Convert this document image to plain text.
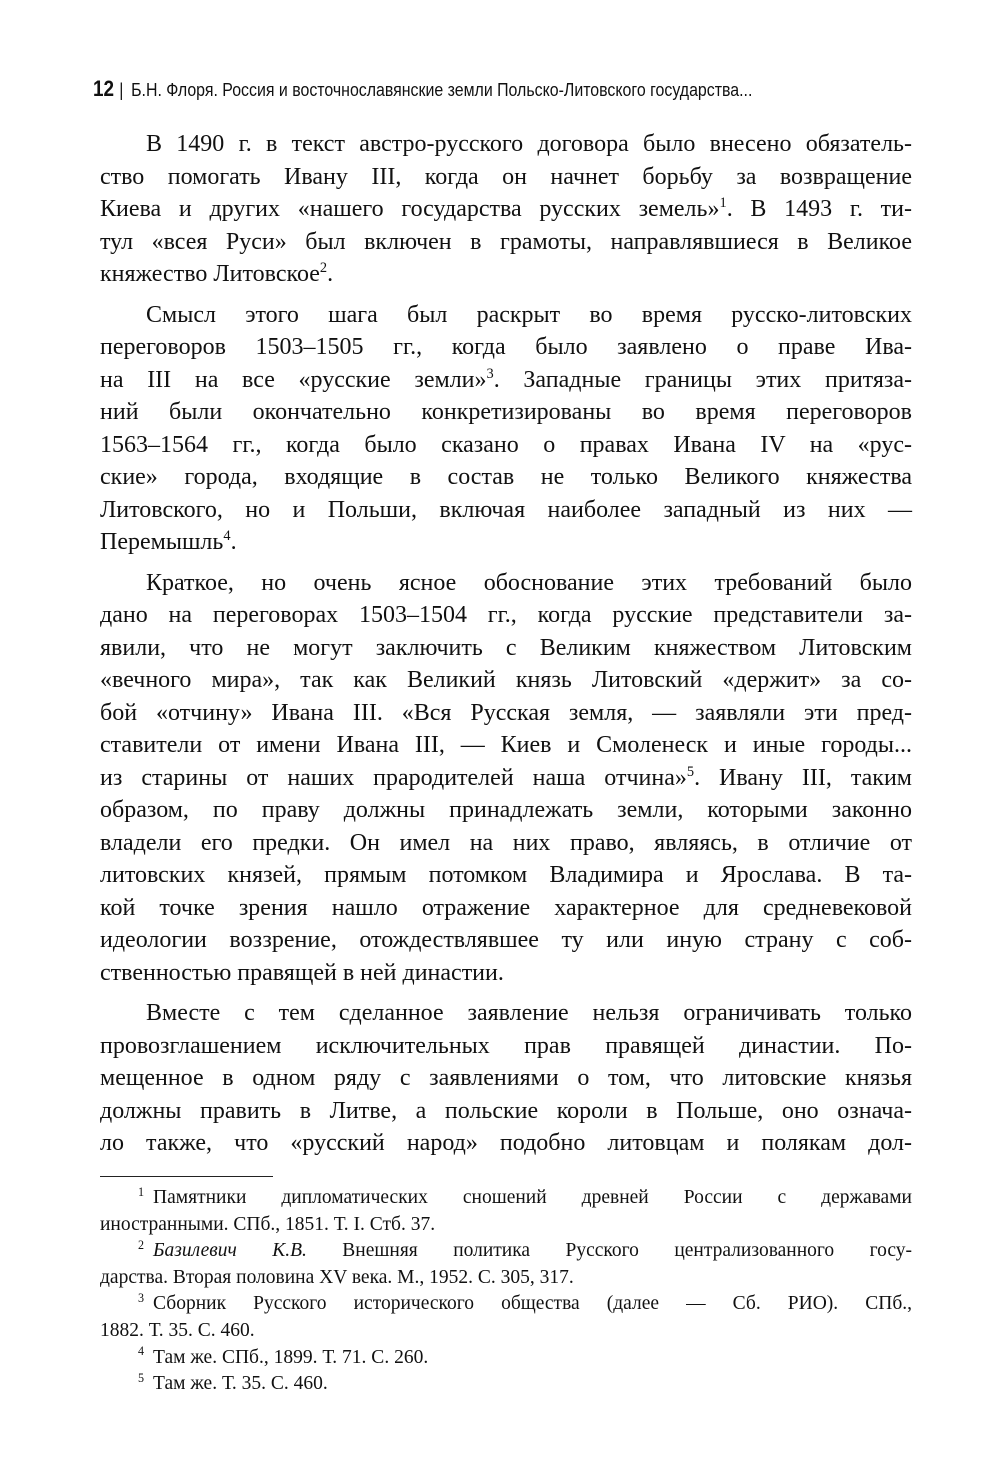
12 | Б.Н. Флоря. Россия и восточнославянские земли Польско-Литовского государства...
В 1490 г. в текст австро-русского договора было внесено обязатель-
ство помогать Ивану III, когда он начнет борьбу за возвращение
Киева и других «нашего государства русских земель»$^1$. В 1493 г. ти-
тул «всея Руси» был включен в грамоты, направлявшиеся в Великое
княжество Литовское$^2$.
Смысл этого шага был раскрыт во время русско-литовских
переговоров 1503–1505 гг., когда было заявлено о праве Ива-
на III на все «русские земли»$^3$. Западные границы этих притяза-
ний были окончательно конкретизированы во время переговоров
1563–1564 гг., когда было сказано о правах Ивана IV на «рус-
ские» города, входящие в состав не только Великого княжества
Литовского, но и Польши, включая наиболее западный из них —
Перемышль$^4$.
Краткое, но очень ясное обоснование этих требований было
дано на переговорах 1503–1504 гг., когда русские представители за-
явили, что не могут заключить с Великим княжеством Литовским
«вечного мира», так как Великий князь Литовский «держит» за со-
бой «отчину» Ивана III. «Вся Русская земля, — заявляли эти пред-
ставители от имени Ивана III, — Киев и Смоленеск и иные городы...
из старины от наших прародителей наша отчина»$^5$. Ивану III, таким
образом, по праву должны принадлежать земли, которыми законно
владели его предки. Он имел на них право, являясь, в отличие от
литовских князей, прямым потомком Владимира и Ярослава. В та-
кой точке зрения нашло отражение характерное для средневековой
идеологии воззрение, отождествлявшее ту или иную страну с соб-
ственностью правящей в ней династии.
Вместе с тем сделанное заявление нельзя ограничивать только
провозглашением исключительных прав правящей династии. По-
мещенное в одном ряду с заявлениями о том, что литовские князья
должны править в Литве, а польские короли в Польше, оно означа-
ло также, что «русский народ» подобно литовцам и полякам дол-
$^1$ Памятники дипломатических сношений древней России с державами
иностранными. СПб., 1851. Т. I. Стб. 37.
$^2$ Базилевич К.В. Внешняя политика Русского централизованного госу-
дарства. Вторая половина XV века. М., 1952. С. 305, 317.
$^3$ Сборник Русского исторического общества (далее — Сб. РИО). СПб.,
1882. Т. 35. С. 460.
$^4$ Там же. СПб., 1899. Т. 71. С. 260.
$^5$ Там же. Т. 35. С. 460.
